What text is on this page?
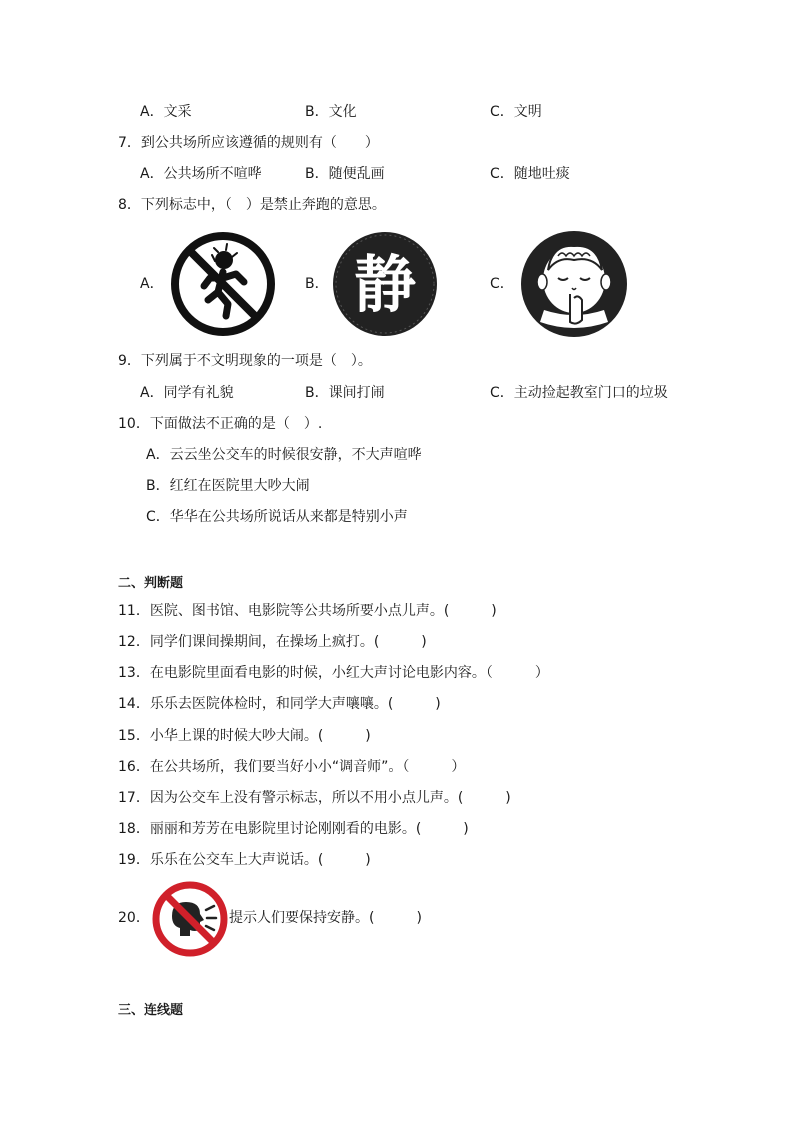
A．文采	B．文化	C．文明
7．到公共场所应该遵循的规则有（　　）
A．公共场所不喧哗	B．随便乱画	C．随地吐痰
8．下列标志中，（　）是禁止奔跑的意思。
A．	B．	C．
静
9．下列属于不文明现象的一项是（　）。
A．同学有礼貌	B．课间打闹	C．主动捡起教室门口的垃圾
10．下面做法不正确的是（　）.
A．云云坐公交车的时候很安静，不大声喧哗
B．红红在医院里大吵大闹
C．华华在公共场所说话从来都是特别小声
二、判断题
11．医院、图书馆、电影院等公共场所要小点儿声。(　　　)
12．同学们课间操期间，在操场上疯打。(　　　)
13．在电影院里面看电影的时候，小红大声讨论电影内容。（　　　）
14．乐乐去医院体检时，和同学大声嚷嚷。(　　　)
15．小华上课的时候大吵大闹。(　　　)
16．在公共场所，我们要当好小小“调音师”。（　　　）
17．因为公交车上没有警示标志，所以不用小点儿声。(　　　)
18．丽丽和芳芳在电影院里讨论刚刚看的电影。(　　　)
19．乐乐在公交车上大声说话。(　　　)
20．	提示人们要保持安静。(　　　)
三、连线题
